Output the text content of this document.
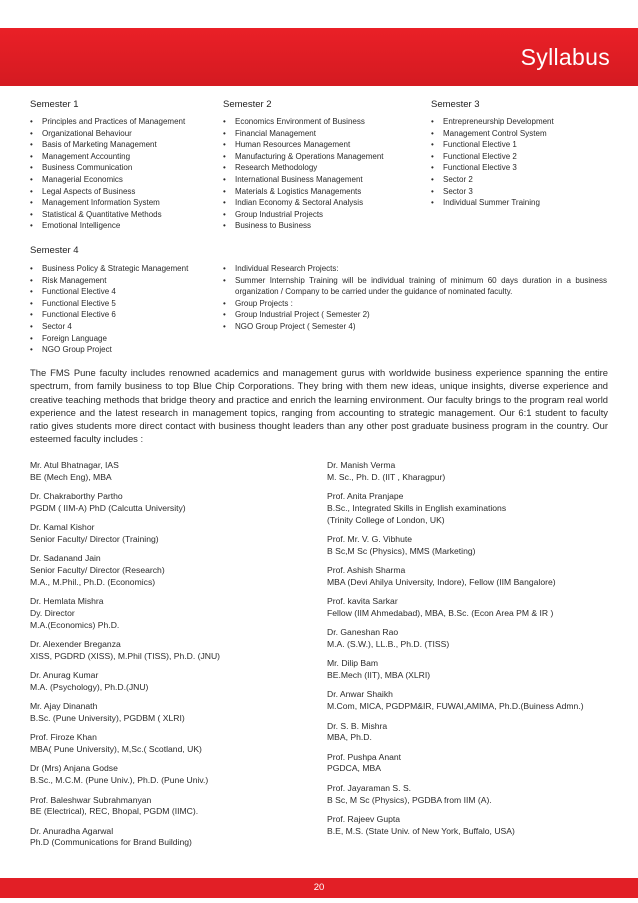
Syllabus
Semester 1
• Principles and Practices of Management
• Organizational Behaviour
• Basis of Marketing Management
• Management Accounting
• Business Communication
• Managerial Economics
• Legal Aspects of Business
• Management Information System
• Statistical & Quantitative Methods
• Emotional Intelligence
Semester 2
• Economics Environment of Business
• Financial Management
• Human Resources Management
• Manufacturing & Operations Management
• Research Methodology
• International Business Management
• Materials & Logistics Managements
• Indian Economy & Sectoral Analysis
• Group Industrial Projects
• Business to Business
Semester 3
• Entrepreneurship Development
• Management Control System
• Functional Elective 1
• Functional Elective 2
• Functional Elective 3
• Sector 2
• Sector 3
• Individual Summer Training
Semester 4
• Business Policy & Strategic Management
• Risk Management
• Functional Elective 4
• Functional Elective 5
• Functional Elective 6
• Sector 4
• Foreign Language
• NGO Group Project
• Individual Research Projects:
• Summer Internship Training will be individual training of minimum 60 days duration in a business organization / Company to be carried under the guidance of nominated faculty.
• Group Projects :
• Group Industrial Project ( Semester 2)
• NGO Group Project ( Semester 4)

The FMS Pune faculty includes renowned academics and management gurus with worldwide business experience spanning the entire spectrum, from family business to top Blue Chip Corporations. They bring with them new ideas, unique insights, diverse experience and creative teaching methods that bridge theory and practice and enrich the learning environment. Our faculty brings to the program real world experience and the latest research in management topics, ranging from accounting to strategic management. Our 6:1 student to faculty ratio gives students more direct contact with business thought leaders than any other post graduate business program in the country. Our esteemed faculty includes :

Mr. Atul Bhatnagar, IAS
BE (Mech Eng), MBA
Dr. Chakraborthy Partho
PGDM ( IIM-A) PhD (Calcutta University)
Dr. Kamal Kishor
Senior Faculty/ Director (Training)
Dr. Sadanand Jain
Senior Faculty/ Director (Research)
M.A., M.Phil., Ph.D. (Economics)
Dr. Hemlata Mishra
Dy. Director
M.A.(Economics) Ph.D.
Dr. Alexender Breganza
XISS, PGDRD (XISS), M.Phil (TISS), Ph.D. (JNU)
Dr. Anurag Kumar
M.A. (Psychology), Ph.D.(JNU)
Mr. Ajay Dinanath
B.Sc. (Pune University), PGDBM ( XLRI)
Prof. Firoze Khan
MBA( Pune University), M,Sc.( Scotland, UK)
Dr (Mrs) Anjana Godse
B.Sc., M.C.M. (Pune Univ.), Ph.D. (Pune Univ.)
Prof. Baleshwar Subrahmanyan
BE (Electrical), REC, Bhopal, PGDM (IIMC).
Dr. Anuradha Agarwal
Ph.D (Communications for Brand Building)
Dr. Manish Verma
M. Sc., Ph. D. (IIT , Kharagpur)
Prof. Anita Pranjape
B.Sc., Integrated Skills in English examinations
(Trinity College of London, UK)
Prof. Mr. V. G. Vibhute
B Sc,M Sc (Physics), MMS (Marketing)
Prof. Ashish Sharma
MBA (Devi Ahilya University, Indore), Fellow (IIM Bangalore)
Prof. kavita Sarkar
Fellow (IIM Ahmedabad), MBA, B.Sc. (Econ Area PM & IR )
Dr. Ganeshan Rao
M.A. (S.W.), LL.B., Ph.D. (TISS)
Mr. Dilip Bam
BE.Mech (IIT), MBA (XLRI)
Dr. Anwar Shaikh
M.Com, MICA, PGDPM&IR, FUWAI,AMIMA, Ph.D.(Buiness Admn.)
Dr. S. B. Mishra
MBA, Ph.D.
Prof. Pushpa Anant
PGDCA, MBA
Prof. Jayaraman S. S.
B Sc, M Sc (Physics), PGDBA from IIM (A).
Prof. Rajeev Gupta
B.E, M.S. (State Univ. of New York, Buffalo, USA)
20
